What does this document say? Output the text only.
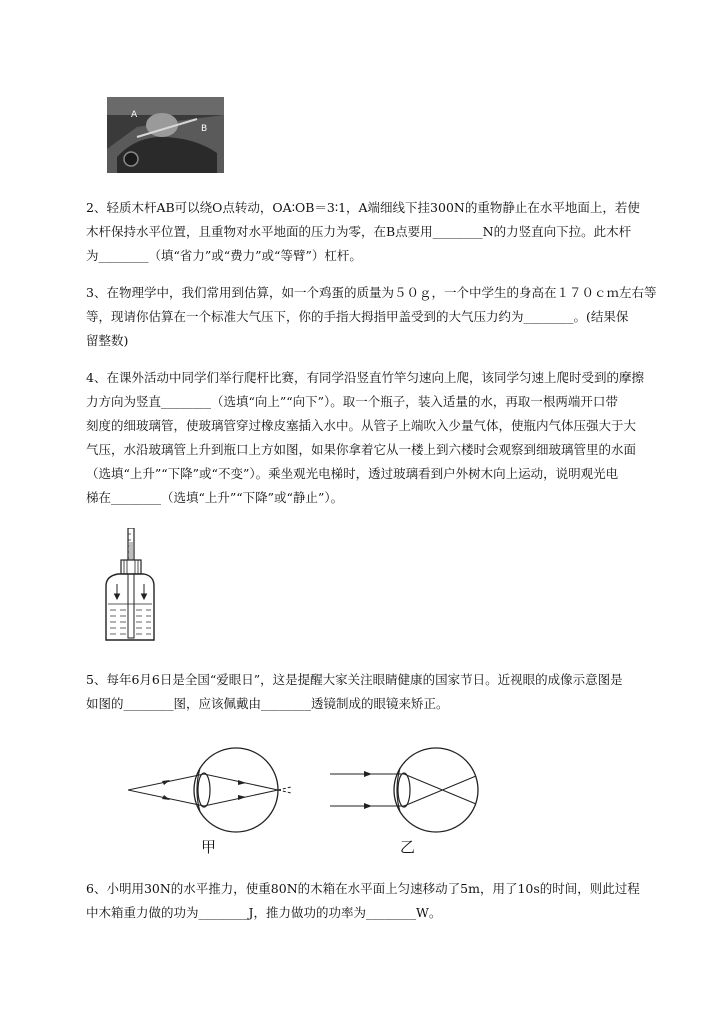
A
B
2、轻质木杆AB可以绕O点转动，OA∶OB＝3∶1，A端细线下挂300N的重物静止在水平地面上，若使
木杆保持水平位置，且重物对水平地面的压力为零，在B点要用________N的力竖直向下拉。此木杆
为________（填“省力”或“费力”或“等臂”）杠杆。
3、在物理学中，我们常用到估算，如一个鸡蛋的质量为５０ｇ，一个中学生的身高在１７０ｃｍ左右等
等，现请你估算在一个标准大气压下，你的手指大拇指甲盖受到的大气压力约为________。(结果保
留整数)
4、在课外活动中同学们举行爬杆比赛，有同学沿竖直竹竿匀速向上爬，该同学匀速上爬时受到的摩擦
力方向为竖直________（选填“向上”“向下”）。取一个瓶子，装入适量的水，再取一根两端开口带
刻度的细玻璃管，使玻璃管穿过橡皮塞插入水中。从管子上端吹入少量气体，使瓶内气体压强大于大
气压，水沿玻璃管上升到瓶口上方如图，如果你拿着它从一楼上到六楼时会观察到细玻璃管里的水面
（选填“上升”“下降”或“不变”）。乘坐观光电梯时，透过玻璃看到户外树木向上运动，说明观光电
梯在________（选填“上升”“下降”或“静止”）。
5、每年6月6日是全国“爱眼日”，这是提醒大家关注眼睛健康的国家节日。近视眼的成像示意图是
如图的________图，应该佩戴由________透镜制成的眼镜来矫正。
甲	乙
6、小明用30N的水平推力，使重80N的木箱在水平面上匀速移动了5m，用了10s的时间，则此过程
中木箱重力做的功为________J，推力做功的功率为________W。
